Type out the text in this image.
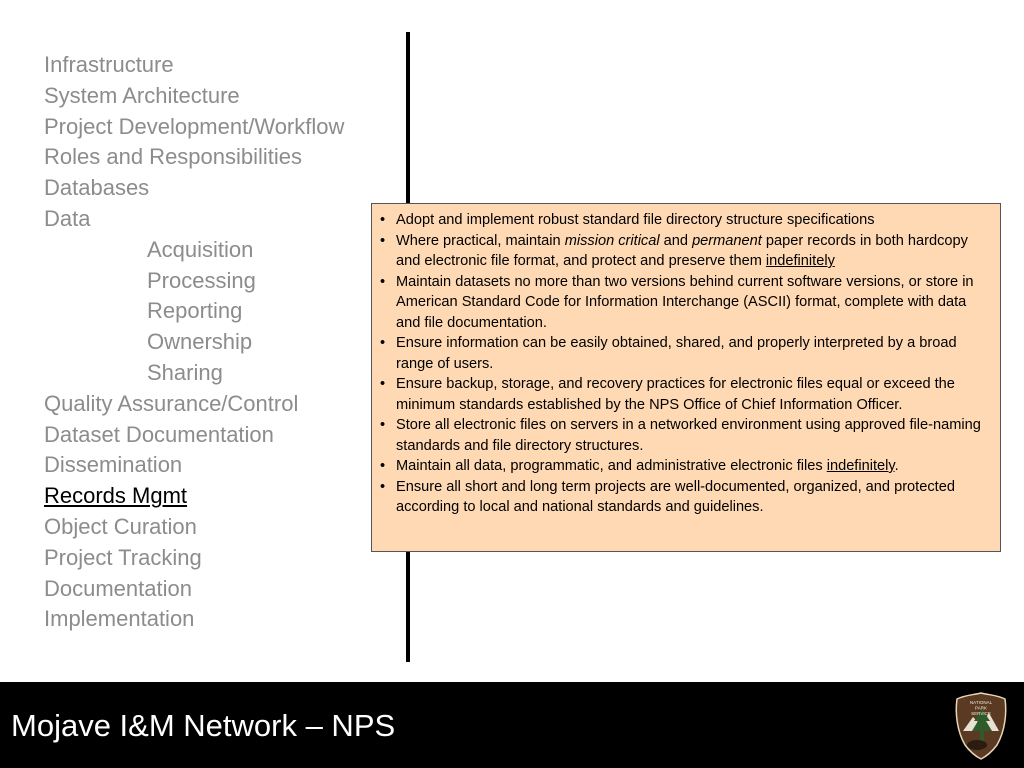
Infrastructure
System Architecture
Project Development/Workflow
Roles and Responsibilities
Databases
Data
Acquisition
Processing
Reporting
Ownership
Sharing
Quality Assurance/Control
Dataset Documentation
Dissemination
Records Mgmt
Object Curation
Project Tracking
Documentation
Implementation
• Adopt and implement robust standard file directory structure specifications
• Where practical, maintain mission critical and permanent paper records in both hardcopy and electronic file format, and protect and preserve them indefinitely
• Maintain datasets no more than two versions behind current software versions, or store in American Standard Code for Information Interchange (ASCII) format, complete with data and file documentation.
• Ensure information can be easily obtained, shared, and properly interpreted by a broad range of users.
• Ensure backup, storage, and recovery practices for electronic files equal or exceed the minimum standards established by the NPS Office of Chief Information Officer.
• Store all electronic files on servers in a networked environment using approved file-naming standards and file directory structures.
• Maintain all data, programmatic, and administrative electronic files indefinitely.
• Ensure all short and long term projects are well-documented, organized, and protected according to local and national standards and guidelines.
Mojave I&M Network – NPS
NATIONAL
PARK
SERVICE
